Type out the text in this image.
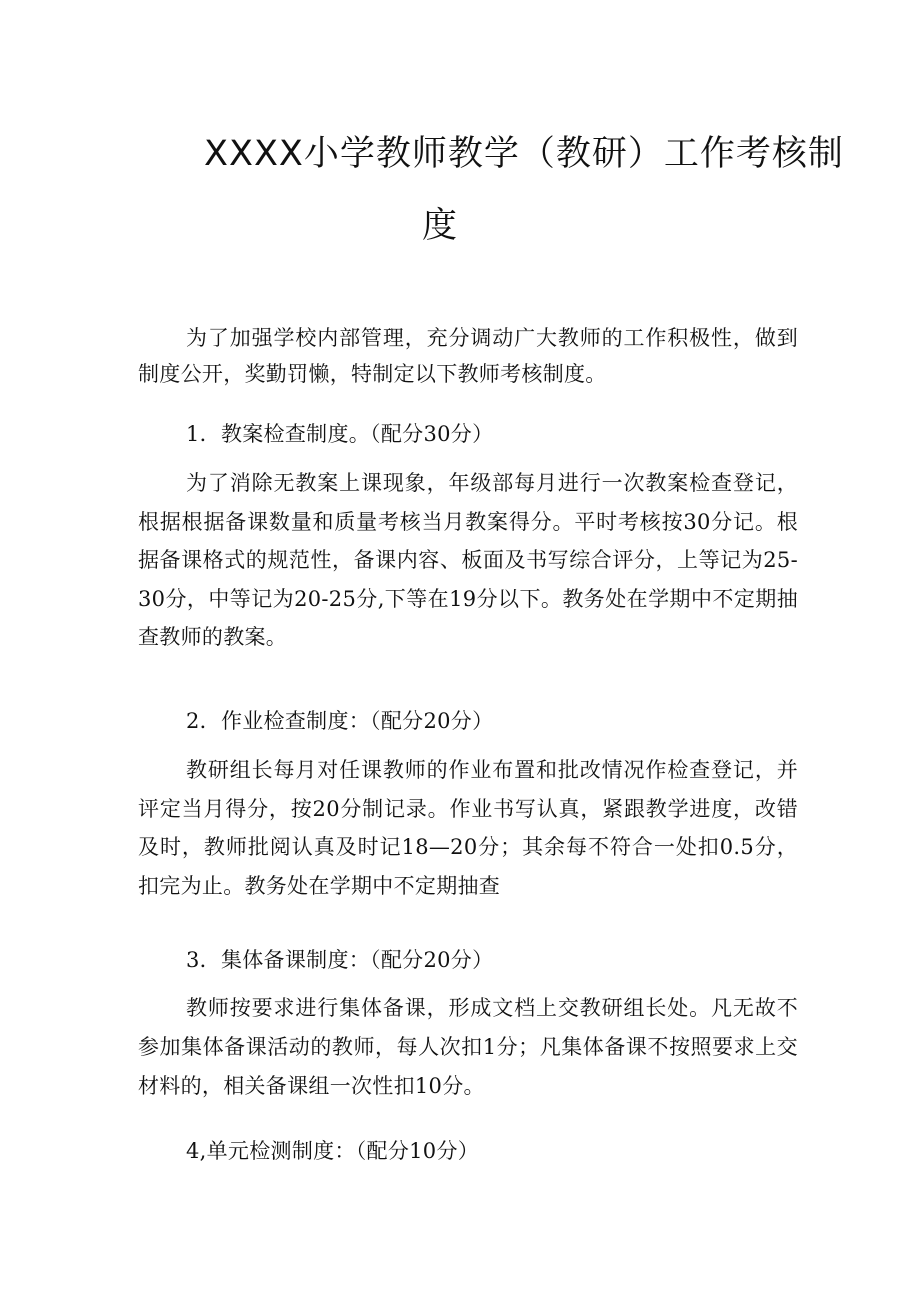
XXXX小学教师教学（教研）工作考核制
度
为了加强学校内部管理，充分调动广大教师的工作积极性，做到制度公开，奖勤罚懒，特制定以下教师考核制度。
1．教案检查制度。（配分30分）
为了消除无教案上课现象，年级部每月进行一次教案检查登记，根据根据备课数量和质量考核当月教案得分。平时考核按30分记。根据备课格式的规范性，备课内容、板面及书写综合评分，上等记为25-30分，中等记为20-25分,下等在19分以下。教务处在学期中不定期抽查教师的教案。
2．作业检查制度：（配分20分）
教研组长每月对任课教师的作业布置和批改情况作检查登记，并评定当月得分，按20分制记录。作业书写认真，紧跟教学进度，改错及时，教师批阅认真及时记18—20分；其余每不符合一处扣0.5分，扣完为止。教务处在学期中不定期抽查
3．集体备课制度：（配分20分）
教师按要求进行集体备课，形成文档上交教研组长处。凡无故不参加集体备课活动的教师，每人次扣1分；凡集体备课不按照要求上交材料的，相关备课组一次性扣10分。
4,单元检测制度：（配分10分）
